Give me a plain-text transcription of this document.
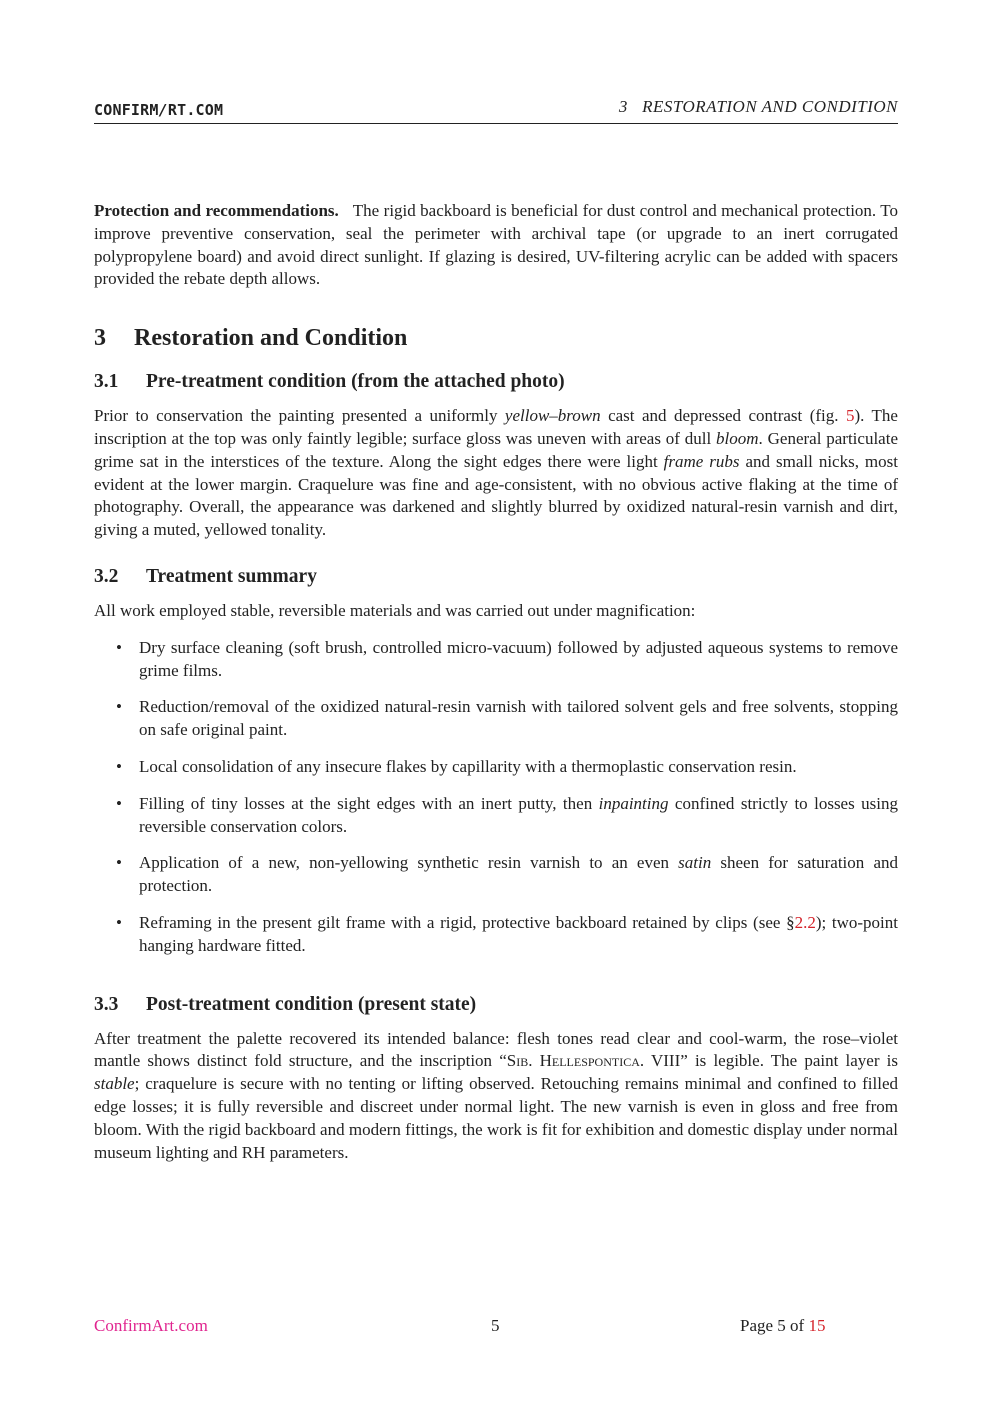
CONFIRM/RT.COM	3   RESTORATION AND CONDITION

Protection and recommendations. The rigid backboard is beneficial for dust control and mechanical protection. To improve preventive conservation, seal the perimeter with archival tape (or upgrade to an inert corrugated polypropylene board) and avoid direct sunlight. If glazing is desired, UV-filtering acrylic can be added with spacers provided the rebate depth allows.

3 Restoration and Condition
3.1 Pre-treatment condition (from the attached photo)

Prior to conservation the painting presented a uniformly yellow–brown cast and depressed contrast (fig. 5). The inscription at the top was only faintly legible; surface gloss was uneven with areas of dull bloom. General particulate grime sat in the interstices of the texture. Along the sight edges there were light frame rubs and small nicks, most evident at the lower margin. Craquelure was fine and age-consistent, with no obvious active flaking at the time of photography. Overall, the appearance was darkened and slightly blurred by oxidized natural-resin varnish and dirt, giving a muted, yellowed tonality.

3.2 Treatment summary

All work employed stable, reversible materials and was carried out under magnification:

• Dry surface cleaning (soft brush, controlled micro-vacuum) followed by adjusted aqueous systems to remove grime films.
• Reduction/removal of the oxidized natural-resin varnish with tailored solvent gels and free solvents, stopping on safe original paint.
• Local consolidation of any insecure flakes by capillarity with a thermoplastic conservation resin.
• Filling of tiny losses at the sight edges with an inert putty, then inpainting confined strictly to losses using reversible conservation colors.
• Application of a new, non-yellowing synthetic resin varnish to an even satin sheen for saturation and protection.
• Reframing in the present gilt frame with a rigid, protective backboard retained by clips (see §2.2); two-point hanging hardware fitted.
3.3 Post-treatment condition (present state)

After treatment the palette recovered its intended balance: flesh tones read clear and cool-warm, the rose–violet mantle shows distinct fold structure, and the inscription “Sib. Hellespontica. VIII” is legible. The paint layer is stable; craquelure is secure with no tenting or lifting observed. Retouching remains minimal and confined to filled edge losses; it is fully reversible and discreet under normal light. The new varnish is even in gloss and free from bloom. With the rigid backboard and modern fittings, the work is fit for exhibition and domestic display under normal museum lighting and RH parameters.

ConfirmArt.com	5	Page 5 of 15
